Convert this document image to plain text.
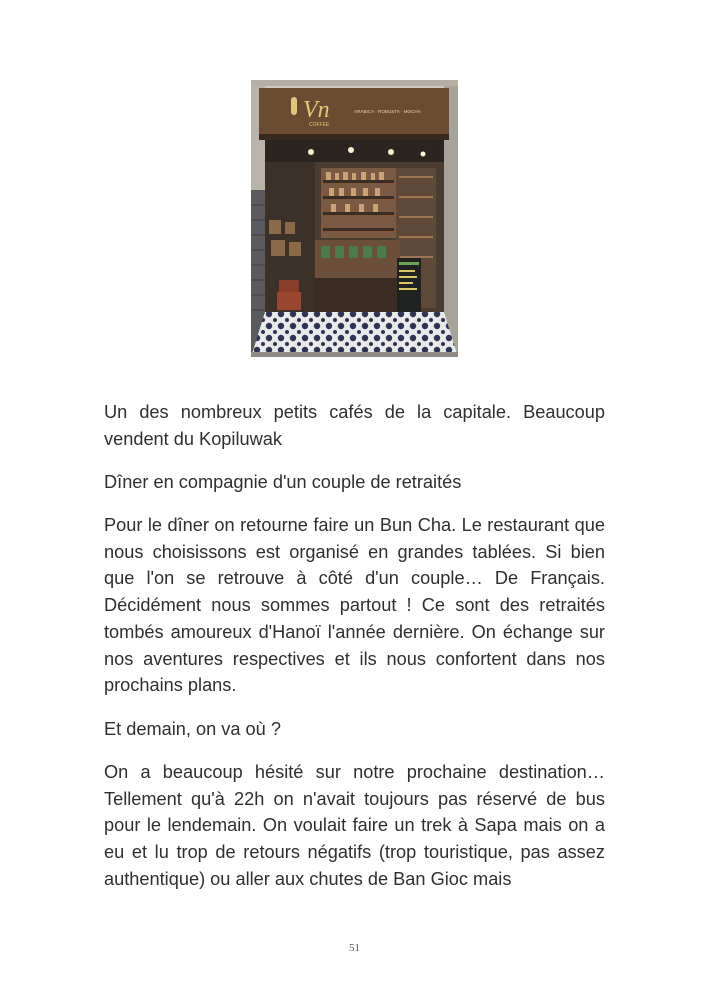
Vn
COFFEE
ARABICA · ROBUSTA · MOCHA

Un des nombreux petits cafés de la capitale. Beaucoup vendent du Kopiluwak

Dîner en compagnie d'un couple de retraités

Pour le dîner on retourne faire un Bun Cha. Le restaurant que nous choisissons est organisé en grandes tablées. Si bien que l'on se retrouve à côté d'un couple… De Français. Décidément nous sommes partout ! Ce sont des retraités tombés amoureux d'Hanoï l'année dernière. On échange sur nos aventures respectives et ils nous confortent dans nos prochains plans.

Et demain, on va où ?

On a beaucoup hésité sur notre prochaine destination… Tellement qu'à 22h on n'avait toujours pas réservé de bus pour le lendemain. On voulait faire un trek à Sapa mais on a eu et lu trop de retours négatifs (trop touristique, pas assez authentique) ou aller aux chutes de Ban Gioc mais

51
